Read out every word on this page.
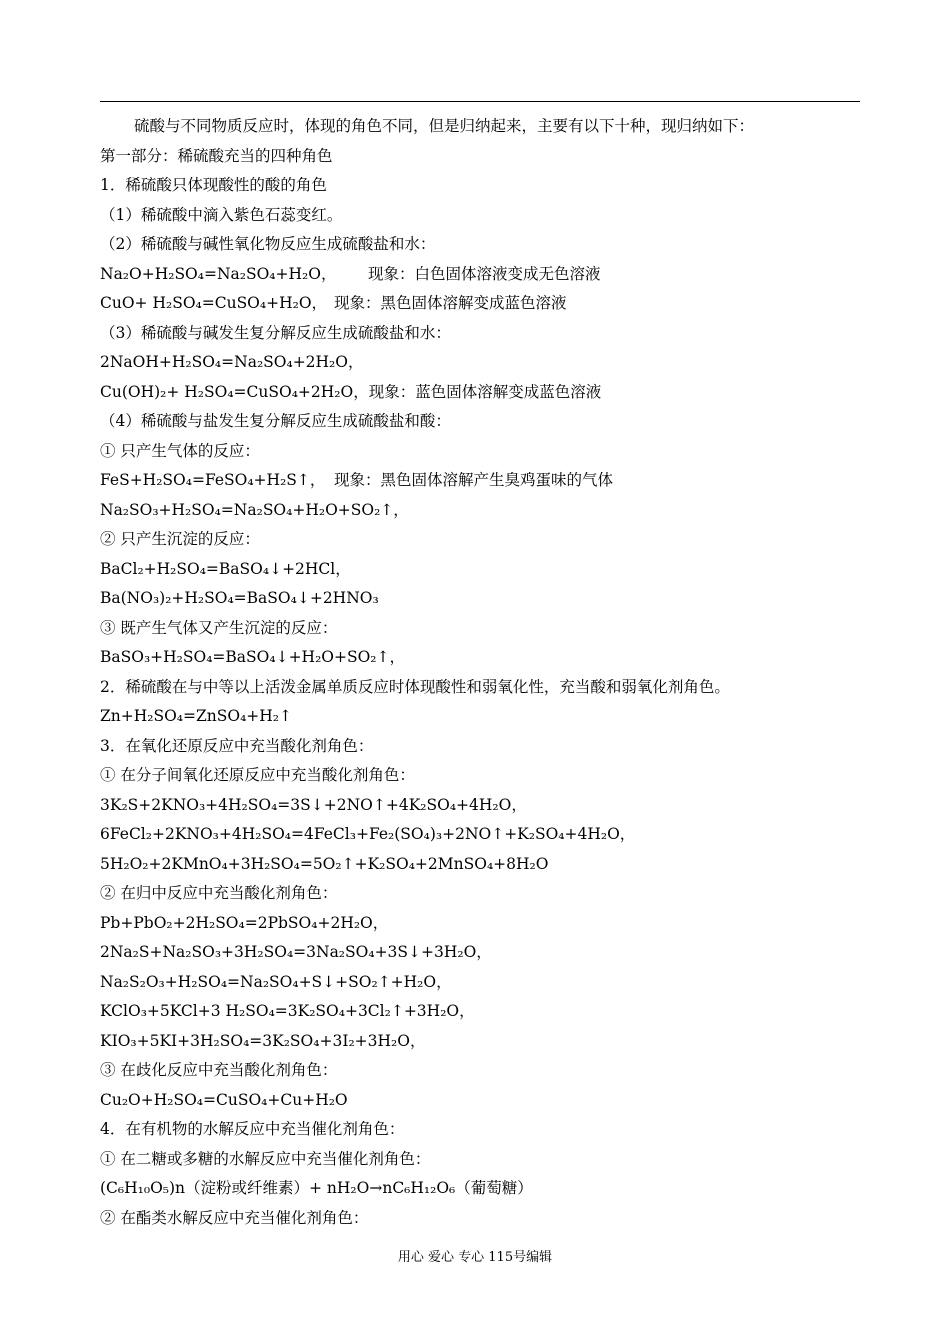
硫酸与不同物质反应时，体现的角色不同，但是归纳起来，主要有以下十种，现归纳如下：
第一部分：稀硫酸充当的四种角色
1．稀硫酸只体现酸性的酸的角色
（1）稀硫酸中滴入紫色石蕊变红。
（2）稀硫酸与碱性氧化物反应生成硫酸盐和水：
Na₂O+H₂SO₄=Na₂SO₄+H₂O， 现象：白色固体溶液变成无色溶液
CuO+ H₂SO₄=CuSO₄+H₂O， 现象：黑色固体溶解变成蓝色溶液
（3）稀硫酸与碱发生复分解反应生成硫酸盐和水：
2NaOH+H₂SO₄=Na₂SO₄+2H₂O，
Cu(OH)₂+ H₂SO₄=CuSO₄+2H₂O，现象：蓝色固体溶解变成蓝色溶液
（4）稀硫酸与盐发生复分解反应生成硫酸盐和酸：
① 只产生气体的反应：
FeS+H₂SO₄=FeSO₄+H₂S↑， 现象：黑色固体溶解产生臭鸡蛋味的气体
Na₂SO₃+H₂SO₄=Na₂SO₄+H₂O+SO₂↑，
② 只产生沉淀的反应：
BaCl₂+H₂SO₄=BaSO₄↓+2HCl，
Ba(NO₃)₂+H₂SO₄=BaSO₄↓+2HNO₃
③ 既产生气体又产生沉淀的反应：
BaSO₃+H₂SO₄=BaSO₄↓+H₂O+SO₂↑，
2．稀硫酸在与中等以上活泼金属单质反应时体现酸性和弱氧化性，充当酸和弱氧化剂角色。
Zn+H₂SO₄=ZnSO₄+H₂↑
3．在氧化还原反应中充当酸化剂角色：
① 在分子间氧化还原反应中充当酸化剂角色：
3K₂S+2KNO₃+4H₂SO₄=3S↓+2NO↑+4K₂SO₄+4H₂O，
6FeCl₂+2KNO₃+4H₂SO₄=4FeCl₃+Fe₂(SO₄)₃+2NO↑+K₂SO₄+4H₂O，
5H₂O₂+2KMnO₄+3H₂SO₄=5O₂↑+K₂SO₄+2MnSO₄+8H₂O
② 在归中反应中充当酸化剂角色：
Pb+PbO₂+2H₂SO₄=2PbSO₄+2H₂O，
2Na₂S+Na₂SO₃+3H₂SO₄=3Na₂SO₄+3S↓+3H₂O，
Na₂S₂O₃+H₂SO₄=Na₂SO₄+S↓+SO₂↑+H₂O，
KClO₃+5KCl+3 H₂SO₄=3K₂SO₄+3Cl₂↑+3H₂O，
KIO₃+5KI+3H₂SO₄=3K₂SO₄+3I₂+3H₂O，
③ 在歧化反应中充当酸化剂角色：
Cu₂O+H₂SO₄=CuSO₄+Cu+H₂O
4．在有机物的水解反应中充当催化剂角色：
① 在二糖或多糖的水解反应中充当催化剂角色：
(C₆H₁₀O₅)n（淀粉或纤维素）+ nH₂O→nC₆H₁₂O₆（葡萄糖）
② 在酯类水解反应中充当催化剂角色：
用心 爱心 专心 115号编辑
